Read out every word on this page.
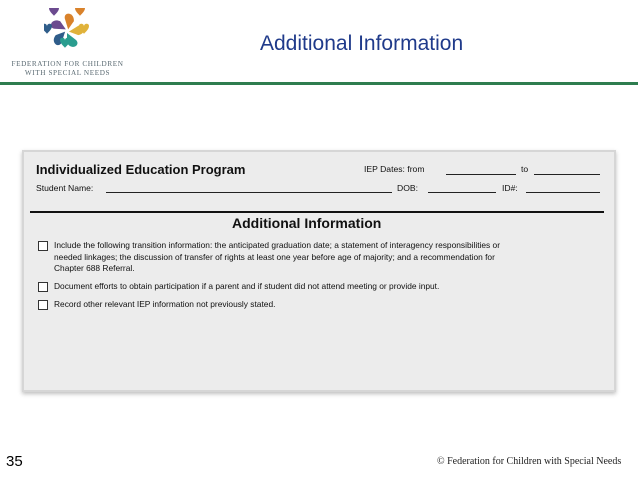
FEDERATION FOR CHILDREN
WITH SPECIAL NEEDS
Additional Information
Individualized Education Program	IEP Dates: from	to
Student Name:	DOB:	ID#:
Additional Information
Include the following transition information: the anticipated graduation date; a statement of interagency responsibilities or
needed linkages; the discussion of transfer of rights at least one year before age of majority; and a recommendation for
Chapter 688 Referral.
Document efforts to obtain participation if a parent and if student did not attend meeting or provide input.
Record other relevant IEP information not previously stated.
35	© Federation for Children with Special Needs
